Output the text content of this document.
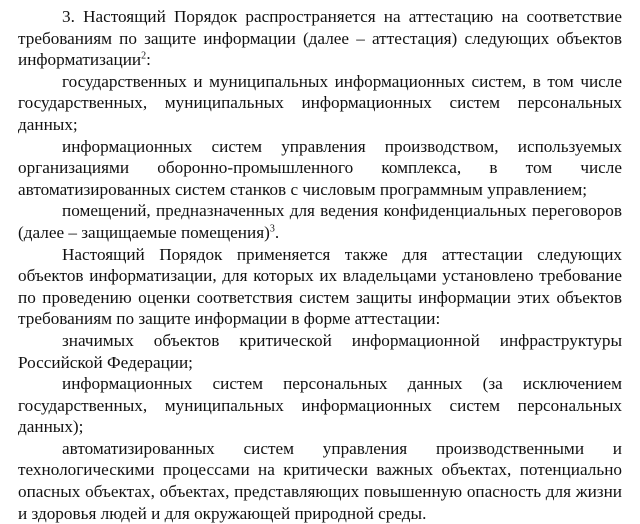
3. Настоящий Порядок распространяется на аттестацию на соответствие требованиям по защите информации (далее – аттестация) следующих объектов информатизации$^2$:

государственных и муниципальных информационных систем, в том числе государственных, муниципальных информационных систем персональных данных;

информационных систем управления производством, используемых организациями оборонно-промышленного комплекса, в том числе автоматизированных систем станков с числовым программным управлением;

помещений, предназначенных для ведения конфиденциальных переговоров (далее – защищаемые помещения)$^3$.

Настоящий Порядок применяется также для аттестации следующих объектов информатизации, для которых их владельцами установлено требование по проведению оценки соответствия систем защиты информации этих объектов требованиям по защите информации в форме аттестации:

значимых объектов критической информационной инфраструктуры Российской Федерации;

информационных систем персональных данных (за исключением государственных, муниципальных информационных систем персональных данных);

автоматизированных систем управления производственными и технологическими процессами на критически важных объектах, потенциально опасных объектах, объектах, представляющих повышенную опасность для жизни и здоровья людей и для окружающей природной среды.
